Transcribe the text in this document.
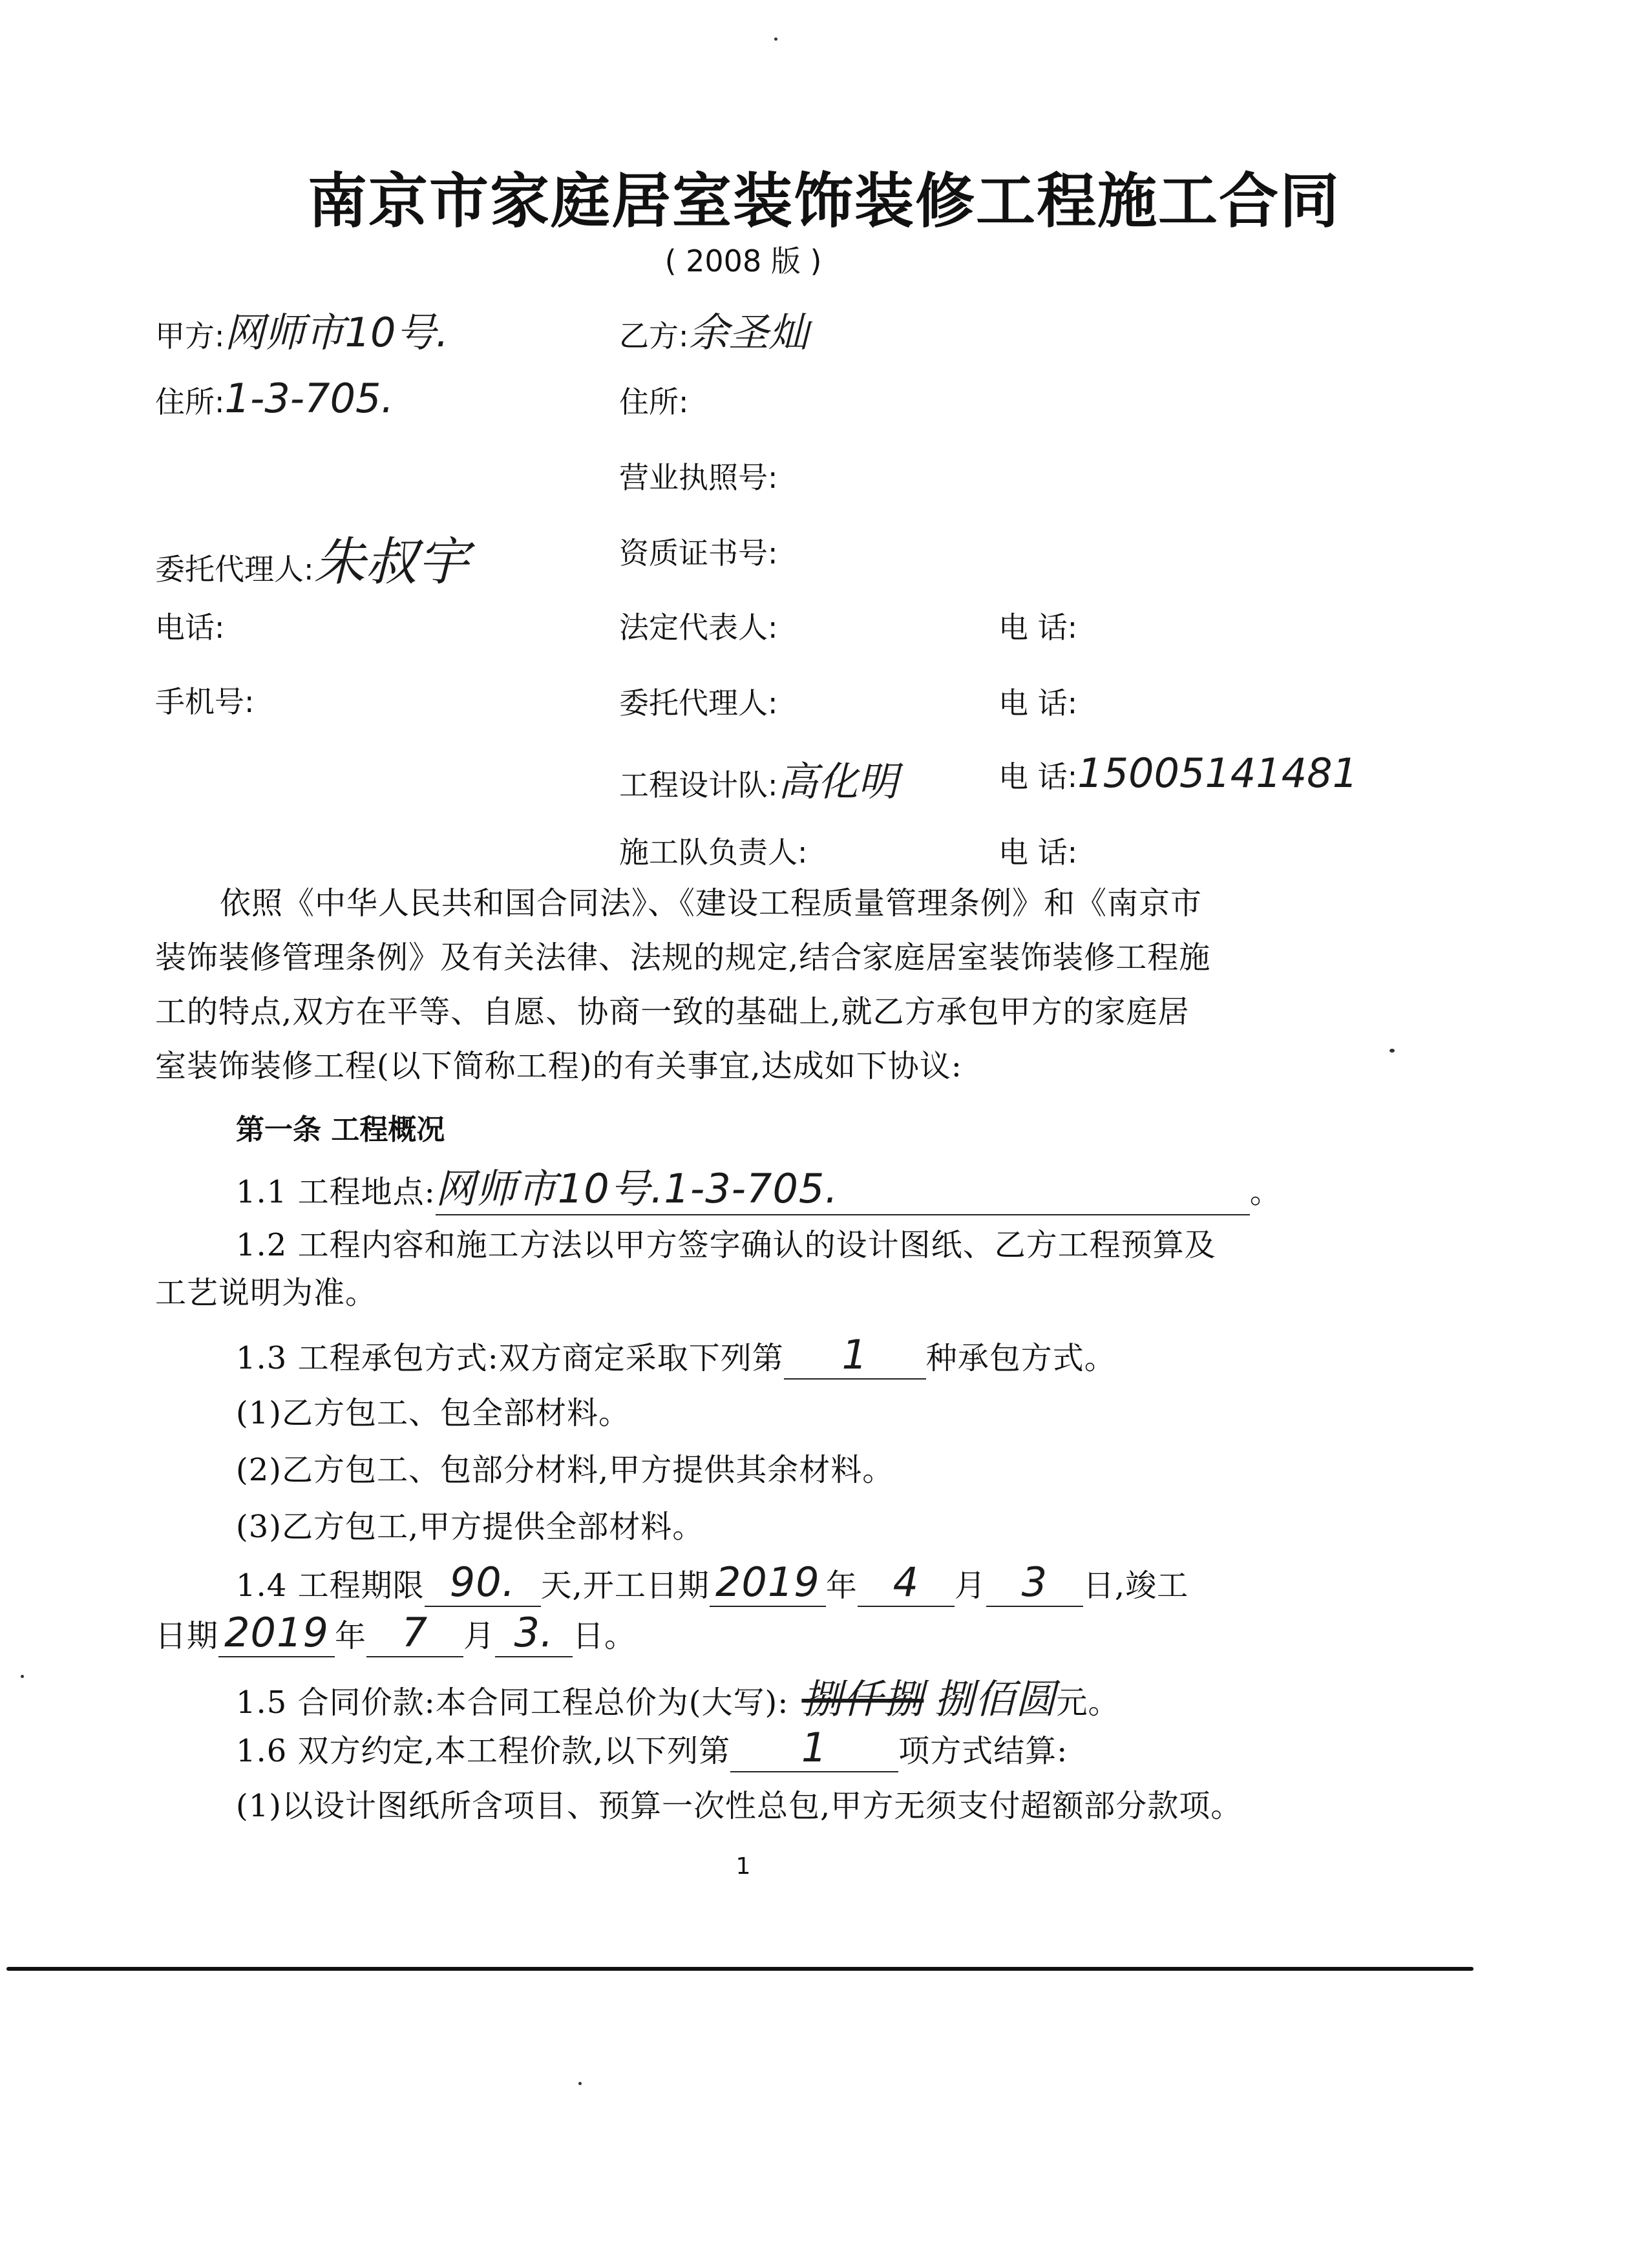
南京市家庭居室装饰装修工程施工合同
( 2008 版 )
甲方:网师市10号.
住所:1-3-705.
委托代理人:朱叔宇
电话:
手机号:
乙方:余圣灿
住所:
营业执照号:
资质证书号:
法定代表人:
委托代理人:
工程设计队:高化明
施工队负责人:
电 话:
电 话:
电 话:15005141481
电 话:
依照《中华人民共和国合同法》、《建设工程质量管理条例》和《南京市
装饰装修管理条例》及有关法律、法规的规定,结合家庭居室装饰装修工程施
工的特点,双方在平等、自愿、协商一致的基础上,就乙方承包甲方的家庭居
室装饰装修工程(以下简称工程)的有关事宜,达成如下协议:
第一条 工程概况
1.1 工程地点:网师市10号.1-3-705.	。
1.2 工程内容和施工方法以甲方签字确认的设计图纸、乙方工程预算及
工艺说明为准。
1.3 工程承包方式:双方商定采取下列第 1 种承包方式。
(1)乙方包工、包全部材料。
(2)乙方包工、包部分材料,甲方提供其余材料。
(3)乙方包工,甲方提供全部材料。
1.4 工程期限 90. 天,开工日期 2019 年 4 月 3 日,竣工
日期 2019 年 7 月 3. 日。
1.5 合同价款:本合同工程总价为(大写): 捌仟捌 捌佰圆元。
1.6 双方约定,本工程价款,以下列第 1 项方式结算:
(1)以设计图纸所含项目、预算一次性总包,甲方无须支付超额部分款项。
1
